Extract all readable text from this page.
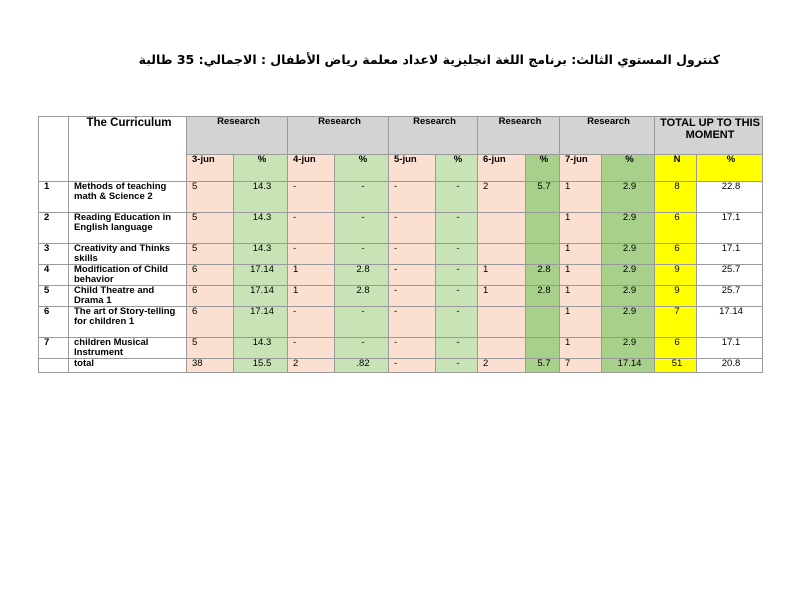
كنترول المستوي الثالث: برنامج اللغة انجليزية لاعداد معلمة رياض الأطفال : الاجمالي: 35 طالبة
	The Curriculum	Research		Research		Research		Research		Research		TOTAL UP TO THIS MOMENT	
		3-jun	%	4-jun	%	5-jun	%	6-jun	%	7-jun	%	N	%
1	Methods of teaching math & Science 2	5	14.3	-	-	-	-	2	5.7	1	2.9	8	22.8
2	Reading Education in English language	5	14.3	-	-	-	-			1	2.9	6	17.1
3	Creativity and Thinks skills	5	14.3	-	-	-	-			1	2.9	6	17.1
4	Modification of Child behavior	6	17.14	1	2.8	-	-	1	2.8	1	2.9	9	25.7
5	Child Theatre and Drama 1	6	17.14	1	2.8	-	-	1	2.8	1	2.9	9	25.7
6	The art of Story-telling for children 1	6	17.14	-	-	-	-			1	2.9	7	17.14
7	children Musical Instrument	5	14.3	-	-	-	-			1	2.9	6	17.1
	total	38	15.5	2	.82	-	-	2	5.7	7	17.14	51	20.8
